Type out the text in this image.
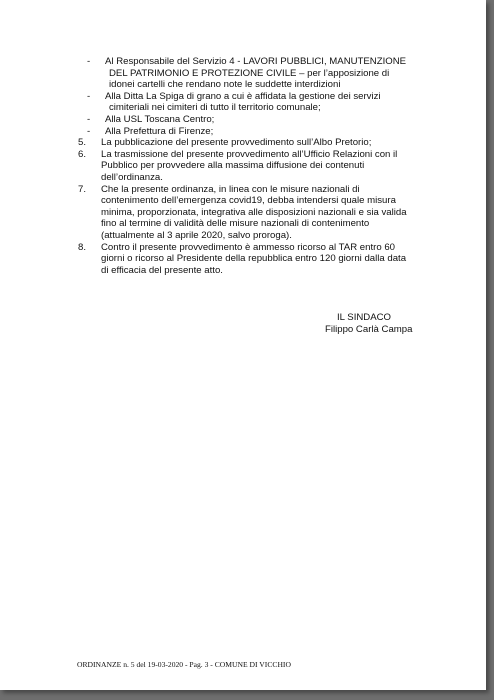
-	Al Responsabile del Servizio 4 - LAVORI PUBBLICI, MANUTENZIONE
DEL PATRIMONIO E PROTEZIONE CIVILE – per l’apposizione di
idonei cartelli che rendano note le suddette interdizioni
-	Alla Ditta La Spiga di grano a cui è affidata la gestione dei servizi
cimiteriali nei cimiteri di tutto il territorio comunale;
-	Alla USL Toscana Centro;
-	Alla Prefettura di Firenze;
5.	La pubblicazione del presente provvedimento sull’Albo Pretorio;
6.	La trasmissione del presente provvedimento all’Ufficio Relazioni con il
Pubblico per provvedere alla massima diffusione dei contenuti
dell’ordinanza.
7.	Che la presente ordinanza, in linea con le misure nazionali di
contenimento dell’emergenza covid19, debba intendersi quale misura
minima, proporzionata, integrativa alle disposizioni nazionali e sia valida
fino al termine di validità delle misure nazionali di contenimento
(attualmente al 3 aprile 2020, salvo proroga).
8.	Contro il presente provvedimento è ammesso ricorso al TAR entro 60
giorni o ricorso al Presidente della repubblica entro 120 giorni dalla data
di efficacia del presente atto.
IL SINDACO
Filippo Carlà Campa
ORDINANZE n. 5 del 19-03-2020 - Pag. 3 - COMUNE DI VICCHIO
